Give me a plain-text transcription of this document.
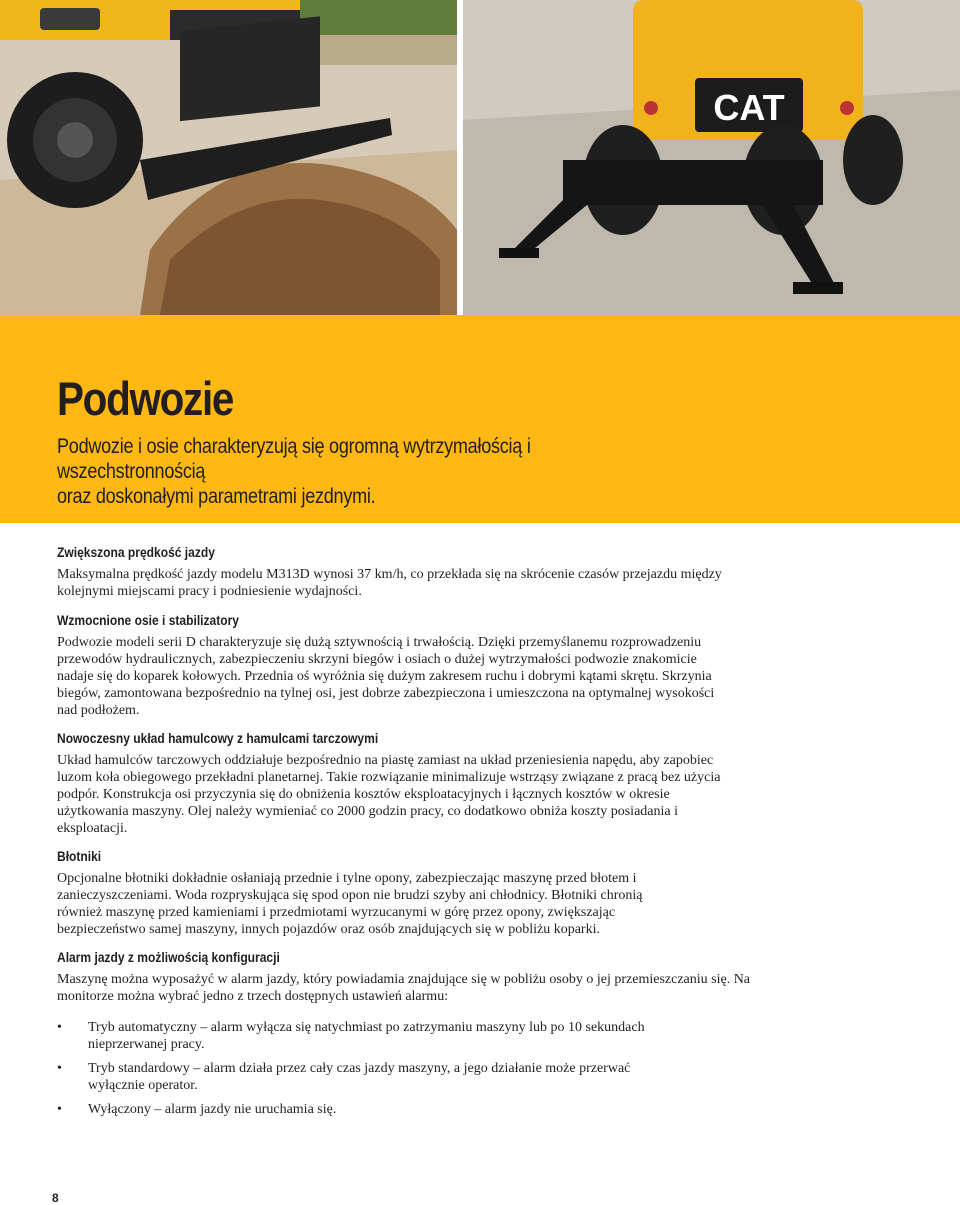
CAT
Podwozie

Podwozie i osie charakteryzują się ogromną wytrzymałością i wszechstronnością
oraz doskonałymi parametrami jezdnymi.

Zwiększona prędkość jazdy

Maksymalna prędkość jazdy modelu M313D wynosi 37 km/h, co przekłada się na skrócenie czasów przejazdu między kolejnymi miejscami pracy i podniesienie wydajności.

Wzmocnione osie i stabilizatory

Podwozie modeli serii D charakteryzuje się dużą sztywnością i trwałością. Dzięki przemyślanemu rozprowadzeniu przewodów hydraulicznych, zabezpieczeniu skrzyni biegów i osiach o dużej wytrzymałości podwozie znakomicie nadaje się do koparek kołowych. Przednia oś wyróżnia się dużym zakresem ruchu i dobrymi kątami skrętu. Skrzynia biegów, zamontowana bezpośrednio na tylnej osi, jest dobrze zabezpieczona i umieszczona na optymalnej wysokości nad podłożem.

Nowoczesny układ hamulcowy z hamulcami tarczowymi

Układ hamulców tarczowych oddziałuje bezpośrednio na piastę zamiast na układ przeniesienia napędu, aby zapobiec luzom koła obiegowego przekładni planetarnej. Takie rozwiązanie minimalizuje wstrząsy związane z pracą bez użycia podpór. Konstrukcja osi przyczynia się do obniżenia kosztów eksploatacyjnych i łącznych kosztów w okresie użytkowania maszyny. Olej należy wymieniać co 2000 godzin pracy, co dodatkowo obniża koszty posiadania i eksploatacji.

Błotniki

Opcjonalne błotniki dokładnie osłaniają przednie i tylne opony, zabezpieczając maszynę przed błotem i zanieczyszczeniami. Woda rozpryskująca się spod opon nie brudzi szyby ani chłodnicy. Błotniki chronią również maszynę przed kamieniami i przedmiotami wyrzucanymi w górę przez opony, zwiększając bezpieczeństwo samej maszyny, innych pojazdów oraz osób znajdujących się w pobliżu koparki.

Alarm jazdy z możliwością konfiguracji

Maszynę można wyposażyć w alarm jazdy, który powiadamia znajdujące się w pobliżu osoby o jej przemieszczaniu się. Na monitorze można wybrać jedno z trzech dostępnych ustawień alarmu:

• Tryb automatyczny – alarm wyłącza się natychmiast po zatrzymaniu maszyny lub po 10 sekundach nieprzerwanej pracy.
• Tryb standardowy – alarm działa przez cały czas jazdy maszyny, a jego działanie może przerwać wyłącznie operator.
• Wyłączony – alarm jazdy nie uruchamia się.
8
